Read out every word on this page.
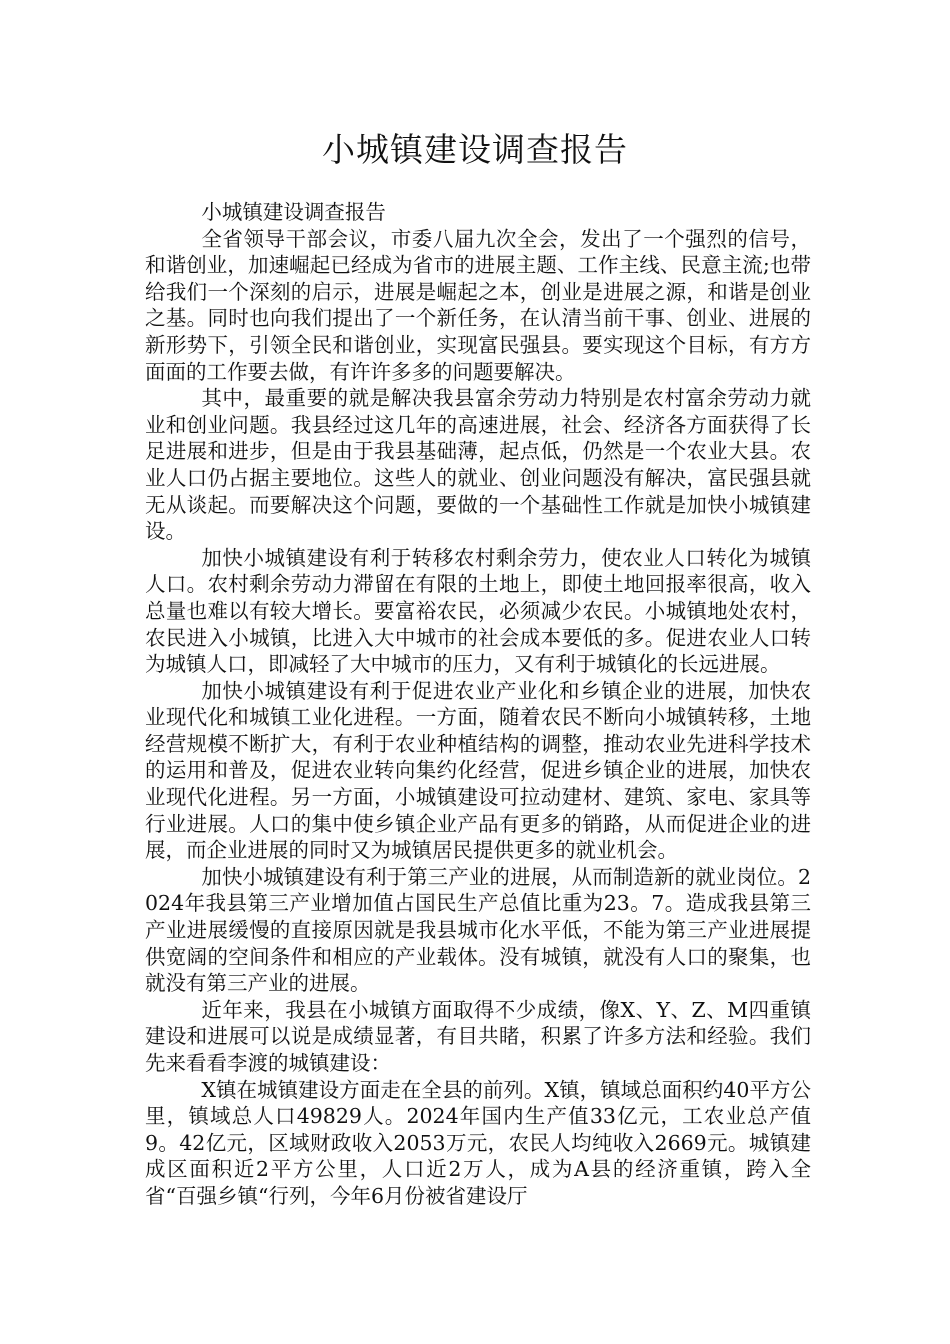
小城镇建设调查报告

小城镇建设调查报告

全省领导干部会议，市委八届九次全会，发出了一个强烈的信号，和谐创业，加速崛起已经成为省市的进展主题、工作主线、民意主流;也带给我们一个深刻的启示，进展是崛起之本，创业是进展之源，和谐是创业之基。同时也向我们提出了一个新任务，在认清当前干事、创业、进展的新形势下，引领全民和谐创业，实现富民强县。要实现这个目标，有方方面面的工作要去做，有许许多多的问题要解决。

其中，最重要的就是解决我县富余劳动力特别是农村富余劳动力就业和创业问题。我县经过这几年的高速进展，社会、经济各方面获得了长足进展和进步，但是由于我县基础薄，起点低，仍然是一个农业大县。农业人口仍占据主要地位。这些人的就业、创业问题没有解决，富民强县就无从谈起。而要解决这个问题，要做的一个基础性工作就是加快小城镇建设。

加快小城镇建设有利于转移农村剩余劳力，使农业人口转化为城镇人口。农村剩余劳动力滞留在有限的土地上，即使土地回报率很高，收入总量也难以有较大增长。要富裕农民，必须减少农民。小城镇地处农村，农民进入小城镇，比进入大中城市的社会成本要低的多。促进农业人口转为城镇人口，即减轻了大中城市的压力，又有利于城镇化的长远进展。

加快小城镇建设有利于促进农业产业化和乡镇企业的进展，加快农业现代化和城镇工业化进程。一方面，随着农民不断向小城镇转移，土地经营规模不断扩大，有利于农业种植结构的调整，推动农业先进科学技术的运用和普及，促进农业转向集约化经营，促进乡镇企业的进展，加快农业现代化进程。另一方面，小城镇建设可拉动建材、建筑、家电、家具等行业进展。人口的集中使乡镇企业产品有更多的销路，从而促进企业的进展，而企业进展的同时又为城镇居民提供更多的就业机会。

加快小城镇建设有利于第三产业的进展，从而制造新的就业岗位。2024年我县第三产业增加值占国民生产总值比重为23。7。造成我县第三产业进展缓慢的直接原因就是我县城市化水平低，不能为第三产业进展提供宽阔的空间条件和相应的产业载体。没有城镇，就没有人口的聚集，也就没有第三产业的进展。

近年来，我县在小城镇方面取得不少成绩，像X、Y、Z、M四重镇建设和进展可以说是成绩显著，有目共睹，积累了许多方法和经验。我们先来看看李渡的城镇建设：

X镇在城镇建设方面走在全县的前列。X镇，镇域总面积约40平方公里，镇域总人口49829人。2024年国内生产值33亿元，工农业总产值9。42亿元，区域财政收入2053万元，农民人均纯收入2669元。城镇建成区面积近2平方公里，人口近2万人，成为A县的经济重镇，跨入全省“百强乡镇“行列，今年6月份被省建设厅
